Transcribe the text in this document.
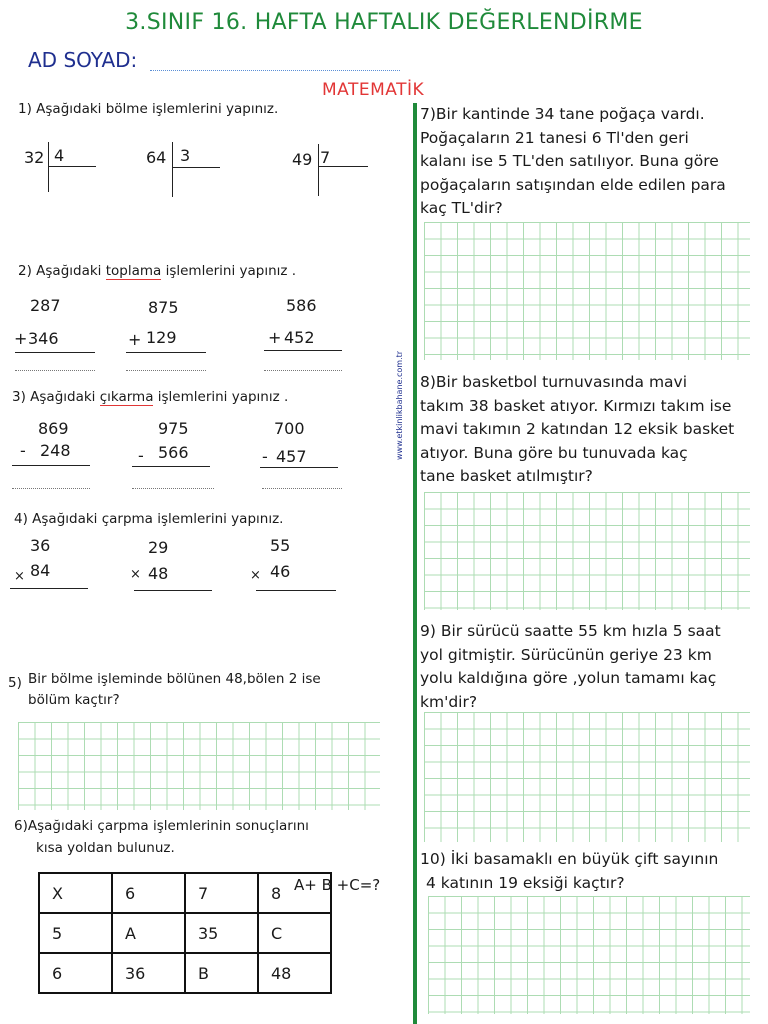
3.SINIF 16. HAFTA HAFTALIK DEĞERLENDİRME
AD SOYAD:
MATEMATİK
www.etkinlikbahane.com.tr
1) Aşağıdaki bölme işlemlerini yapınız.
32 4	64 3	49 7
2) Aşağıdaki toplama işlemlerini yapınız .
287
+ 346
875
+ 129
586
+ 452
3) Aşağıdaki çıkarma işlemlerini yapınız .
869
- 248
975
- 566
700
- 457
4) Aşağıdaki çarpma işlemlerini yapınız.
36
× 84
29
× 48
55
× 46
5) Bir bölme işleminde bölünen 48,bölen 2 ise
bölüm kaçtır?
6)Aşağıdaki çarpma işlemlerinin sonuçlarını
kısa yoldan bulunuz.
A+ B +C=?
X	6	7	8
5	A	35	C
6	36	B	48
7)Bir kantinde 34 tane poğaça vardı.
Poğaçaların 21 tanesi 6 Tl'den geri
kalanı ise 5 TL'den satılıyor. Buna göre
poğaçaların satışından elde edilen para
kaç TL'dir?
8)Bir basketbol turnuvasında mavi
takım 38 basket atıyor. Kırmızı takım ise
mavi takımın 2 katından 12 eksik basket
atıyor. Buna göre bu tunuvada kaç
tane basket atılmıştır?
9) Bir sürücü saatte 55 km hızla 5 saat
yol gitmiştir. Sürücünün geriye 23 km
yolu kaldığına göre ,yolun tamamı kaç
km'dir?
10) İki basamaklı en büyük çift sayının
4 katının 19 eksiği kaçtır?
